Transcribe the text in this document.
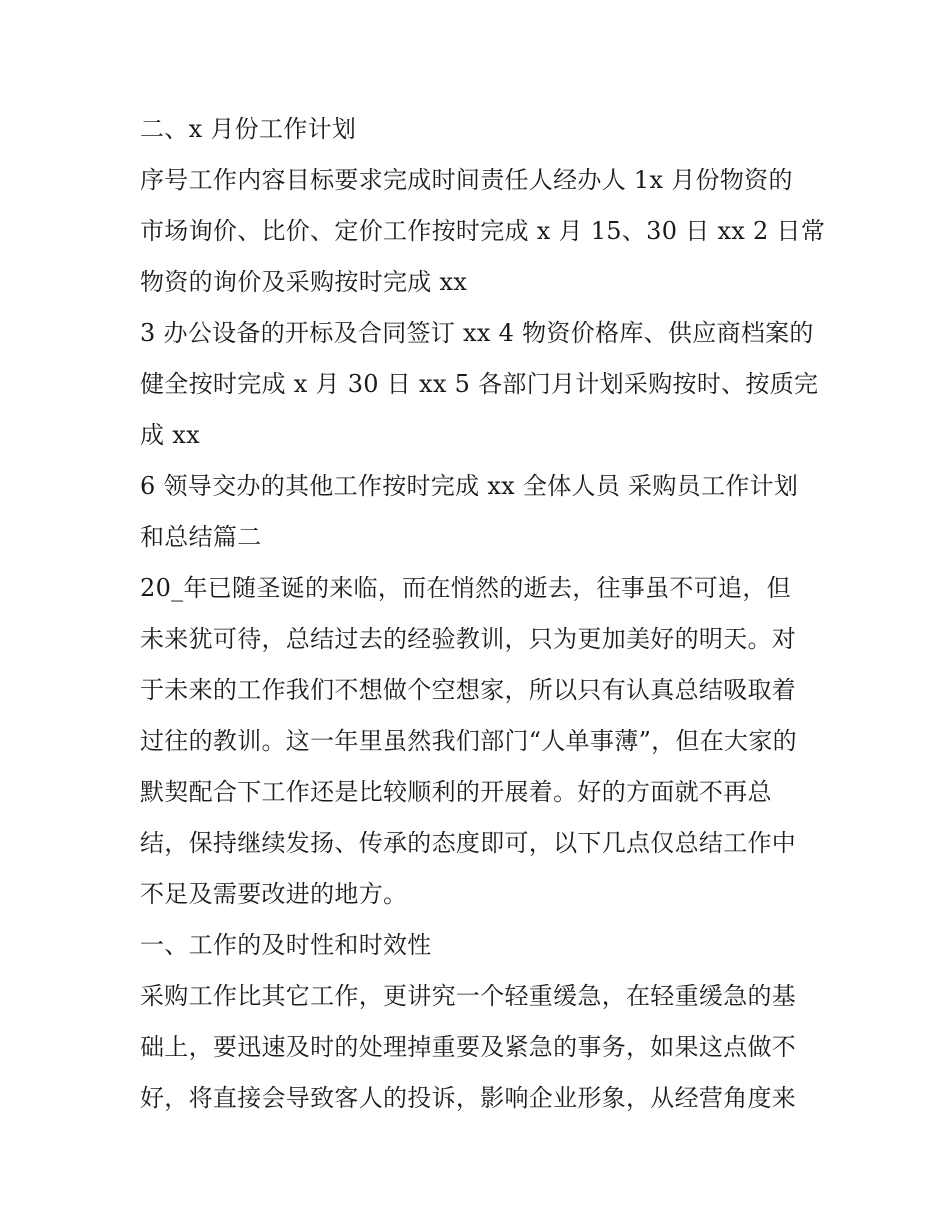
二、x 月份工作计划
序号工作内容目标要求完成时间责任人经办人 1x 月份物资的
市场询价、比价、定价工作按时完成 x 月 15、30 日 xx 2 日常
物资的询价及采购按时完成 xx
3 办公设备的开标及合同签订 xx 4 物资价格库、供应商档案的
健全按时完成 x 月 30 日 xx 5 各部门月计划采购按时、按质完
成 xx
6 领导交办的其他工作按时完成 xx 全体人员 采购员工作计划
和总结篇二
20_年已随圣诞的来临，而在悄然的逝去，往事虽不可追，但
未来犹可待，总结过去的经验教训，只为更加美好的明天。对
于未来的工作我们不想做个空想家，所以只有认真总结吸取着
过往的教训。这一年里虽然我们部门“人单事薄”，但在大家的
默契配合下工作还是比较顺利的开展着。好的方面就不再总
结，保持继续发扬、传承的态度即可，以下几点仅总结工作中
不足及需要改进的地方。
一、工作的及时性和时效性
采购工作比其它工作，更讲究一个轻重缓急，在轻重缓急的基
础上，要迅速及时的处理掉重要及紧急的事务，如果这点做不
好，将直接会导致客人的投诉，影响企业形象，从经营角度来
